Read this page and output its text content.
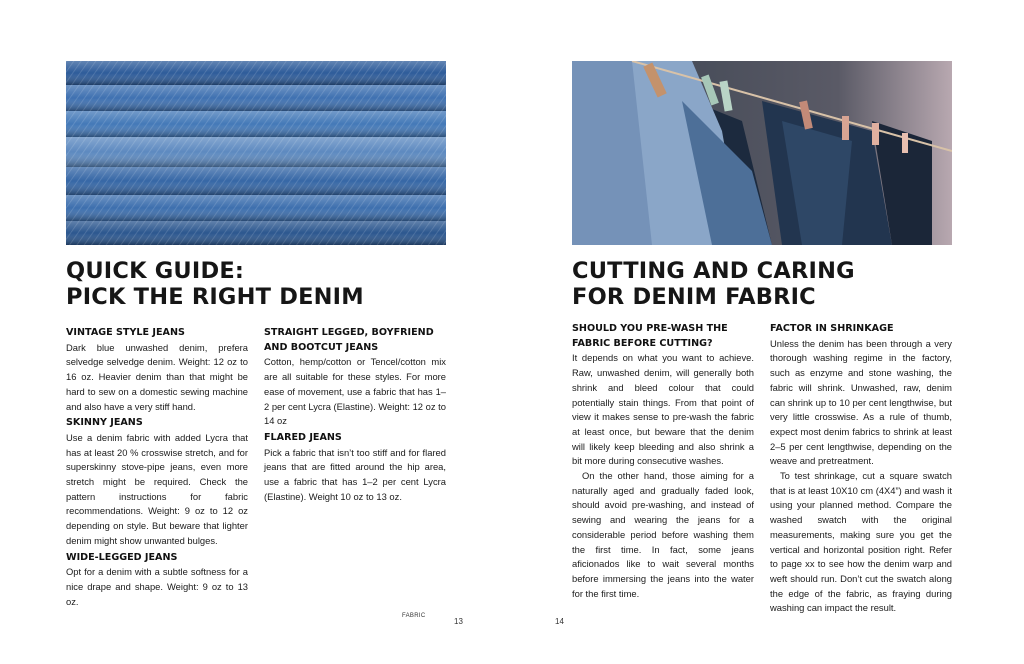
QUICK GUIDE:
PICK THE RIGHT DENIM
CUTTING AND CARING
FOR DENIM FABRIC
VINTAGE STYLE JEANS
Dark blue unwashed denim, prefera selvedge selvedge denim. Weight: 12 oz to 16 oz. Heavier denim than that might be hard to sew on a domestic sewing machine and also have a very stiff hand.
SKINNY JEANS
Use a denim fabric with added Lycra that has at least 20 % crosswise stretch, and for superskinny stove-pipe jeans, even more stretch might be required. Check the pattern instructions for fabric recommendations. Weight: 9 oz to 12 oz depending on style. But beware that lighter denim might show unwanted bulges.
WIDE-LEGGED JEANS
Opt for a denim with a subtle softness for a nice drape and shape. Weight: 9 oz to 13 oz.
STRAIGHT LEGGED, BOYFRIEND
AND BOOTCUT JEANS
Cotton, hemp/cotton or Tencel/cotton mix are all suitable for these styles. For more ease of movement, use a fabric that has 1–2 per cent Lycra (Elastine). Weight: 12 oz to 14 oz
FLARED JEANS
Pick a fabric that isn’t too stiff and for flared jeans that are fitted around the hip area, use a fabric that has 1–2 per cent Lycra (Elastine). Weight 10 oz to 13 oz.
SHOULD YOU PRE-WASH THE
FABRIC BEFORE CUTTING?
It depends on what you want to achieve. Raw, unwashed denim, will generally both shrink and bleed colour that could potentially stain things. From that point of view it makes sense to pre-wash the fabric at least once, but beware that the denim will likely keep bleeding and also shrink a bit more during consecutive washes.
On the other hand, those aiming for a naturally aged and gradually faded look, should avoid pre-washing, and instead of sewing and wearing the jeans for a considerable period before washing them the first time. In fact, some jeans aficionados like to wait several months before immersing the jeans into the water for the first time.
FACTOR IN SHRINKAGE
Unless the denim has been through a very thorough washing regime in the factory, such as enzyme and stone washing, the fabric will shrink. Unwashed, raw, denim can shrink up to 10 per cent lengthwise, but very little crosswise. As a rule of thumb, expect most denim fabrics to shrink at least 2–5 per cent lengthwise, depending on the weave and pretreatment.
To test shrinkage, cut a square swatch that is at least 10X10 cm (4X4”) and wash it using your planned method. Compare the washed swatch with the original measurements, making sure you get the vertical and horizontal position right. Refer to page xx to see how the denim warp and weft should run. Don’t cut the swatch along the edge of the fabric, as fraying during washing can impact the result.
FABRIC
13	14
